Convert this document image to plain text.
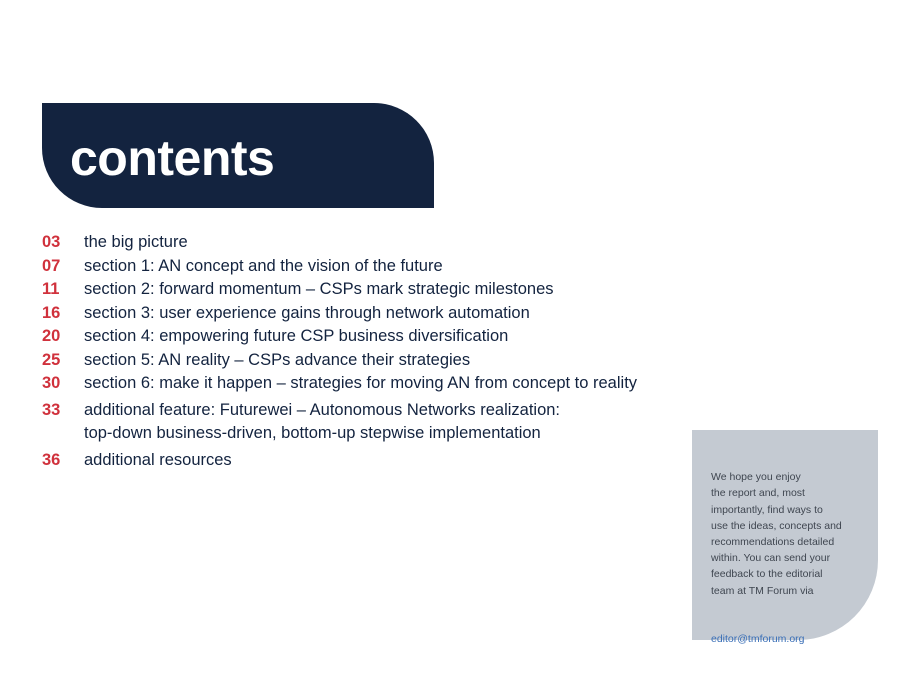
contents
03	the big picture
07	section 1: AN concept and the vision of the future
11	section 2: forward momentum – CSPs mark strategic milestones
16	section 3: user experience gains through network automation
20	section 4: empowering future CSP business diversification
25	section 5: AN reality – CSPs advance their strategies
30	section 6: make it happen – strategies for moving AN from concept to reality
33	additional feature: Futurewei – Autonomous Networks realization:
top-down business-driven, bottom-up stepwise implementation
36	additional resources

We hope you enjoy
the report and, most
importantly, find ways to
use the ideas, concepts and
recommendations detailed
within. You can send your
feedback to the editorial
team at TM Forum via

editor@tmforum.org
